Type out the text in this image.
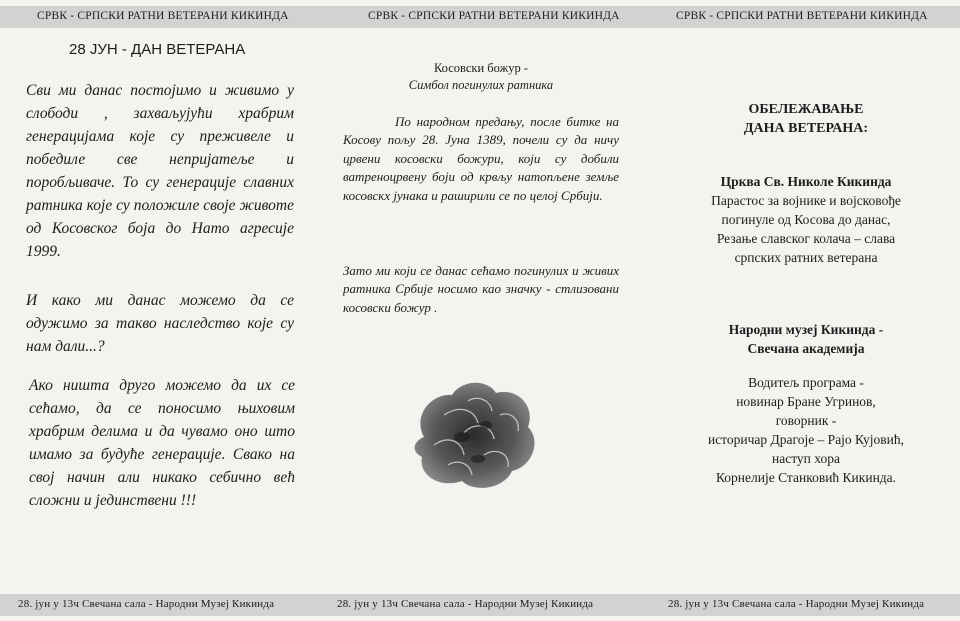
СРВК - СРПСКИ РАТНИ ВЕТЕРАНИ КИКИНДА	СРВК - СРПСКИ РАТНИ ВЕТЕРАНИ КИКИНДА	СРВК - СРПСКИ РАТНИ ВЕТЕРАНИ КИКИНДА
28 ЈУН - ДАН ВЕТЕРАНА
Сви ми данас постојимо и живимо у слободи , захваљујући храбрим генерацијама које су преживеле и победиле све непријатеље и поробљиваче. То су генерације славних ратника које су положиле своје животе од Косовског боја до Нато агресије 1999.
И како ми данас можемо да се одужимо за такво наследство које су нам дали...?
Ако ништа друго можемо да их се сећамо, да се поносимо њиховим храбрим делима и да чувамо оно што имамо за будуће генерације. Свако на свој начин али никако себично већ сложни и јединствени !!!
Косовски божур -
Симбол погинулих ратника
По народном предању, после битке на Косову пољу 28. Јуна 1389, почели су да ничу црвени косовски божури, који су добили ватреноцрвену боји од крвљу натопљене земље косовскх јунака и раширили се по целој Србији.
Зато ми који се данас сећамо погинулих и живих ратника Србије носимо као значку - стлизовани косовски божур .
ОБЕЛЕЖАВАЊЕ
ДАНА ВЕТЕРАНА:
Црква Св. Николе Кикинда
Парастос за војнике и војсковође
погинуле од Косова до данас,
Резање славског колача – слава
српских ратних ветерана
Народни музеј Кикинда -
Свечана академија
Водитељ програма -
новинар Бране Угринов,
говорник -
историчар Драгоје – Рајо Кујовић,
наступ хора
Корнелије Станковић Кикинда.
28. јун у 13ч Свечана сала - Народни Музеј Кикинда	28. јун у 13ч Свечана сала - Народни Музеј Кикинда	28. јун у 13ч Свечана сала - Народни Музеј Кикинда
